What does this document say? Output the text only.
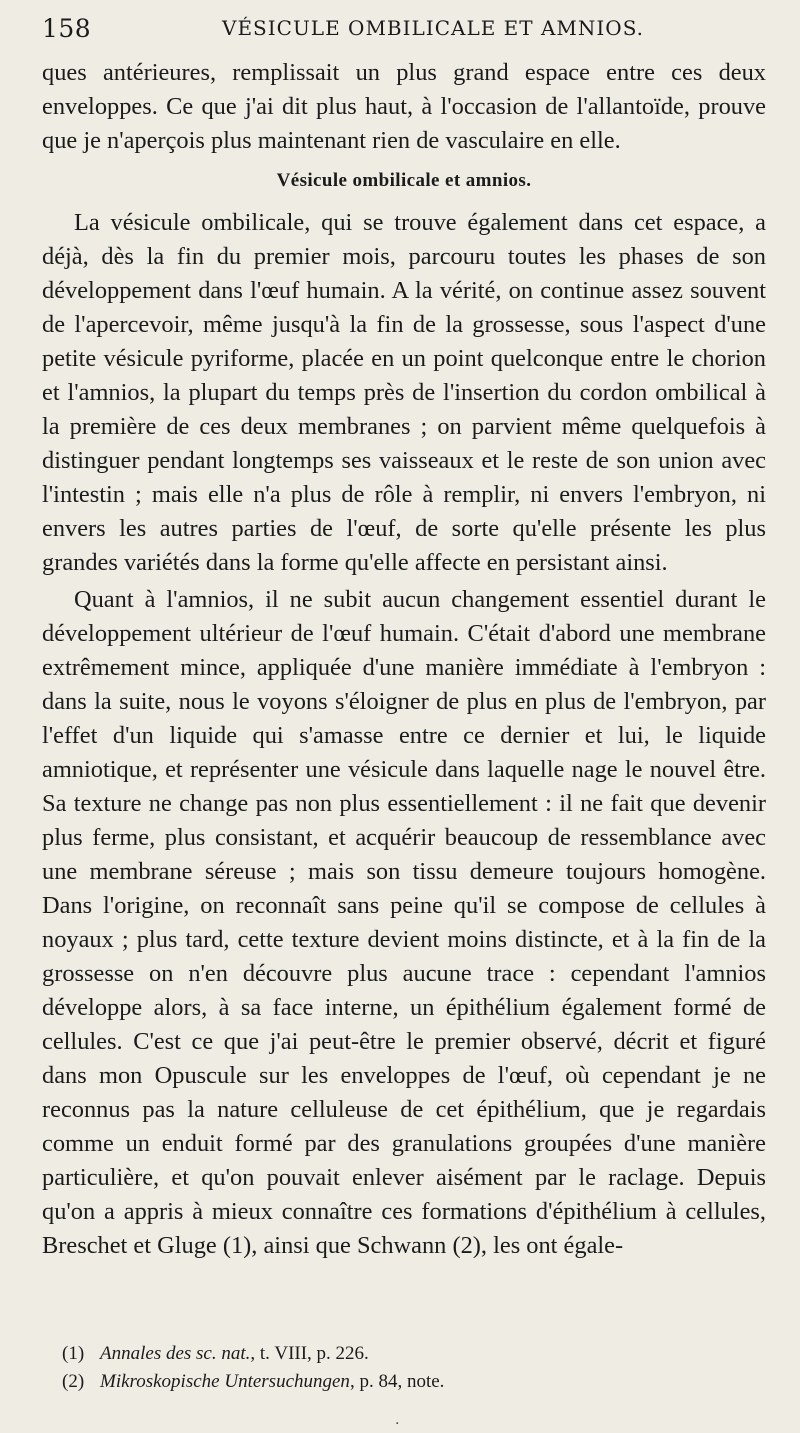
158	VÉSICULE OMBILICALE ET AMNIOS.

ques antérieures, remplissait un plus grand espace entre ces deux enveloppes. Ce que j'ai dit plus haut, à l'occasion de l'allantoïde, prouve que je n'aperçois plus maintenant rien de vasculaire en elle.

Vésicule ombilicale et amnios.

La vésicule ombilicale, qui se trouve également dans cet espace, a déjà, dès la fin du premier mois, parcouru toutes les phases de son développement dans l'œuf humain. A la vérité, on continue assez souvent de l'apercevoir, même jusqu'à la fin de la grossesse, sous l'aspect d'une petite vésicule pyriforme, placée en un point quelconque entre le chorion et l'amnios, la plupart du temps près de l'insertion du cordon ombilical à la première de ces deux membranes ; on parvient même quelquefois à distinguer pendant longtemps ses vaisseaux et le reste de son union avec l'intestin ; mais elle n'a plus de rôle à remplir, ni envers l'embryon, ni envers les autres parties de l'œuf, de sorte qu'elle présente les plus grandes variétés dans la forme qu'elle affecte en persistant ainsi.

Quant à l'amnios, il ne subit aucun changement essentiel durant le développement ultérieur de l'œuf humain. C'était d'abord une membrane extrêmement mince, appliquée d'une manière immédiate à l'embryon : dans la suite, nous le voyons s'éloigner de plus en plus de l'embryon, par l'effet d'un liquide qui s'amasse entre ce dernier et lui, le liquide amniotique, et représenter une vésicule dans laquelle nage le nouvel être. Sa texture ne change pas non plus essentiellement : il ne fait que devenir plus ferme, plus consistant, et acquérir beaucoup de ressemblance avec une membrane séreuse ; mais son tissu demeure toujours homogène. Dans l'origine, on reconnaît sans peine qu'il se compose de cellules à noyaux ; plus tard, cette texture devient moins distincte, et à la fin de la grossesse on n'en découvre plus aucune trace : cependant l'amnios développe alors, à sa face interne, un épithélium également formé de cellules. C'est ce que j'ai peut-être le premier observé, décrit et figuré dans mon Opuscule sur les enveloppes de l'œuf, où cependant je ne reconnus pas la nature celluleuse de cet épithélium, que je regardais comme un enduit formé par des granulations groupées d'une manière particulière, et qu'on pouvait enlever aisément par le raclage. Depuis qu'on a appris à mieux connaître ces formations d'épithélium à cellules, Breschet et Gluge (1), ainsi que Schwann (2), les ont égale-

(1) Annales des sc. nat., t. VIII, p. 226.
(2) Mikroskopische Untersuchungen, p. 84, note.
.
